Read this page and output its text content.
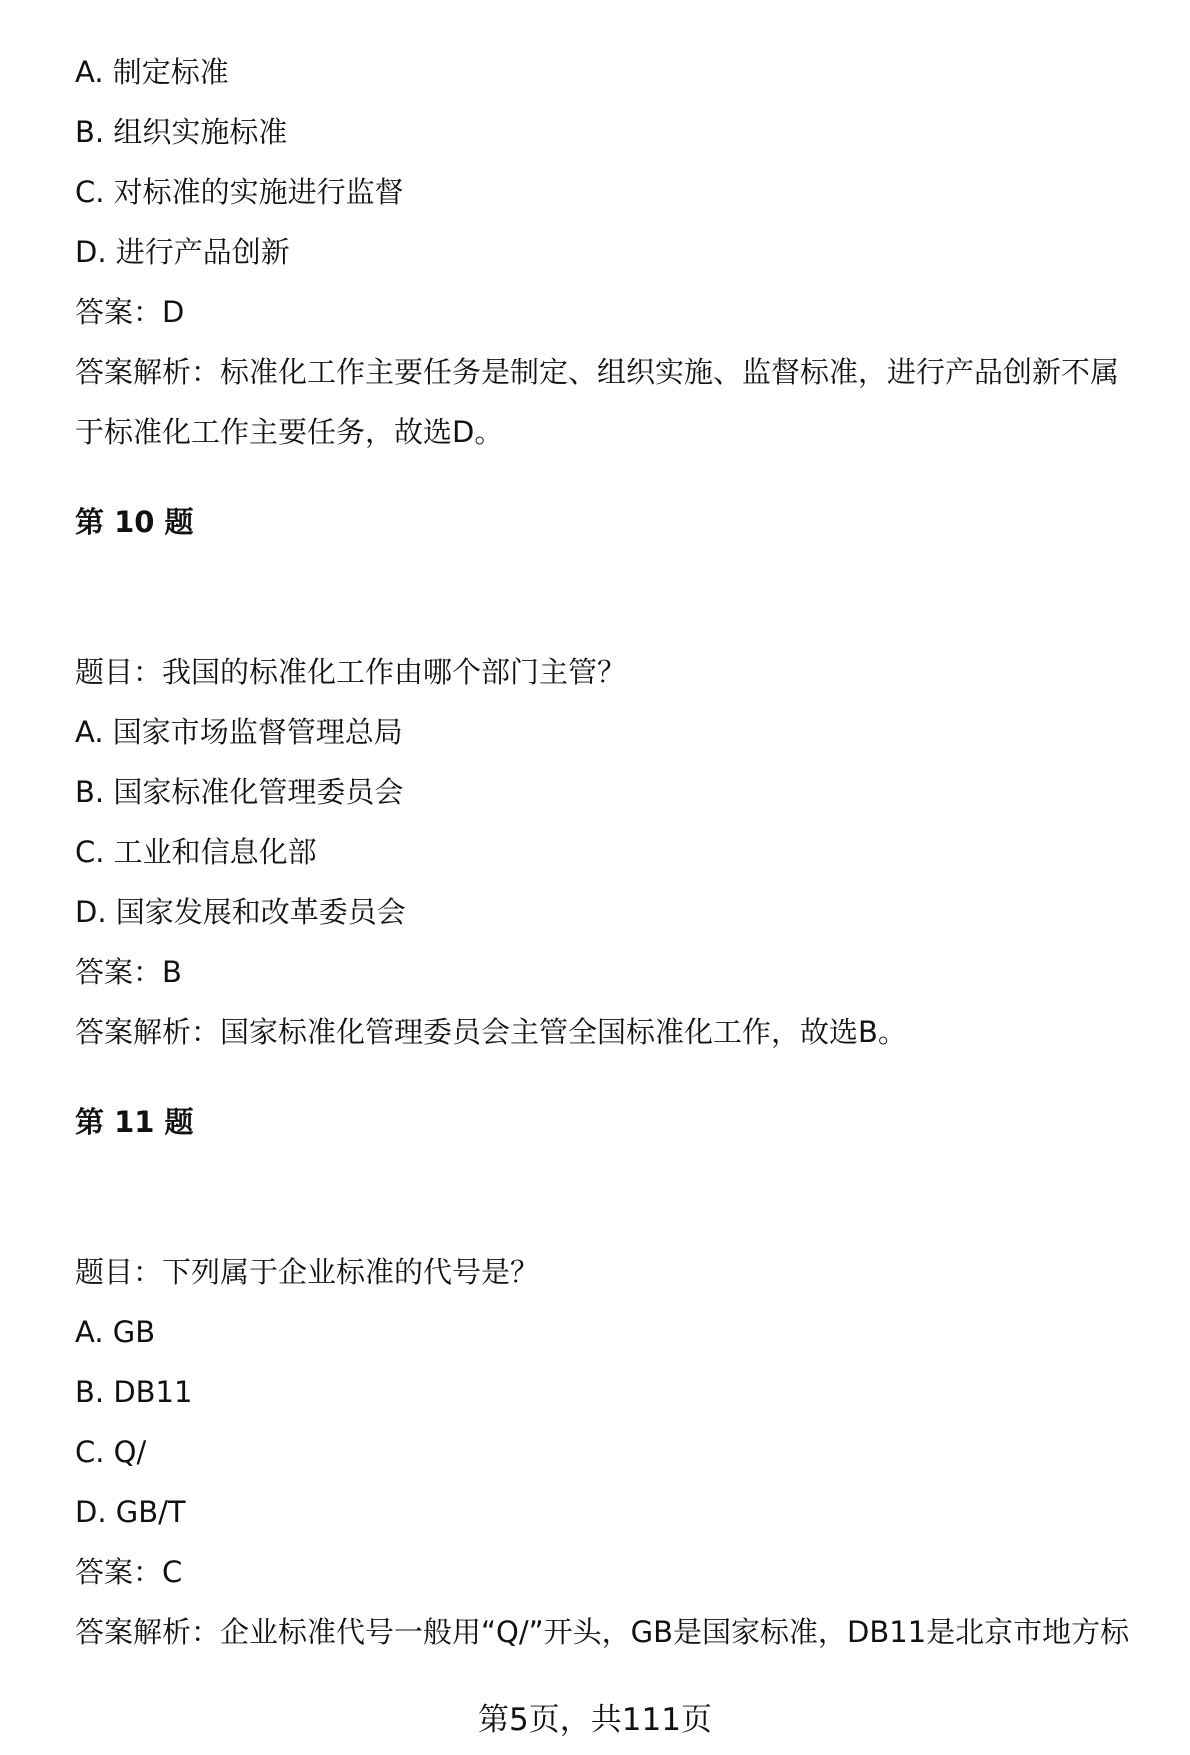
A. 制定标准

B. 组织实施标准

C. 对标准的实施进行监督

D. 进行产品创新

答案：D

答案解析：标准化工作主要任务是制定、组织实施、监督标准，进行产品创新不属

于标准化工作主要任务，故选D。

第 10 题

题目：我国的标准化工作由哪个部门主管？

A. 国家市场监督管理总局

B. 国家标准化管理委员会

C. 工业和信息化部

D. 国家发展和改革委员会

答案：B

答案解析：国家标准化管理委员会主管全国标准化工作，故选B。

第 11 题

题目：下列属于企业标准的代号是？

A. GB

B. DB11

C. Q/

D. GB/T

答案：C

答案解析：企业标准代号一般用“Q/”开头，GB是国家标准，DB11是北京市地方标

第5页，共111页
